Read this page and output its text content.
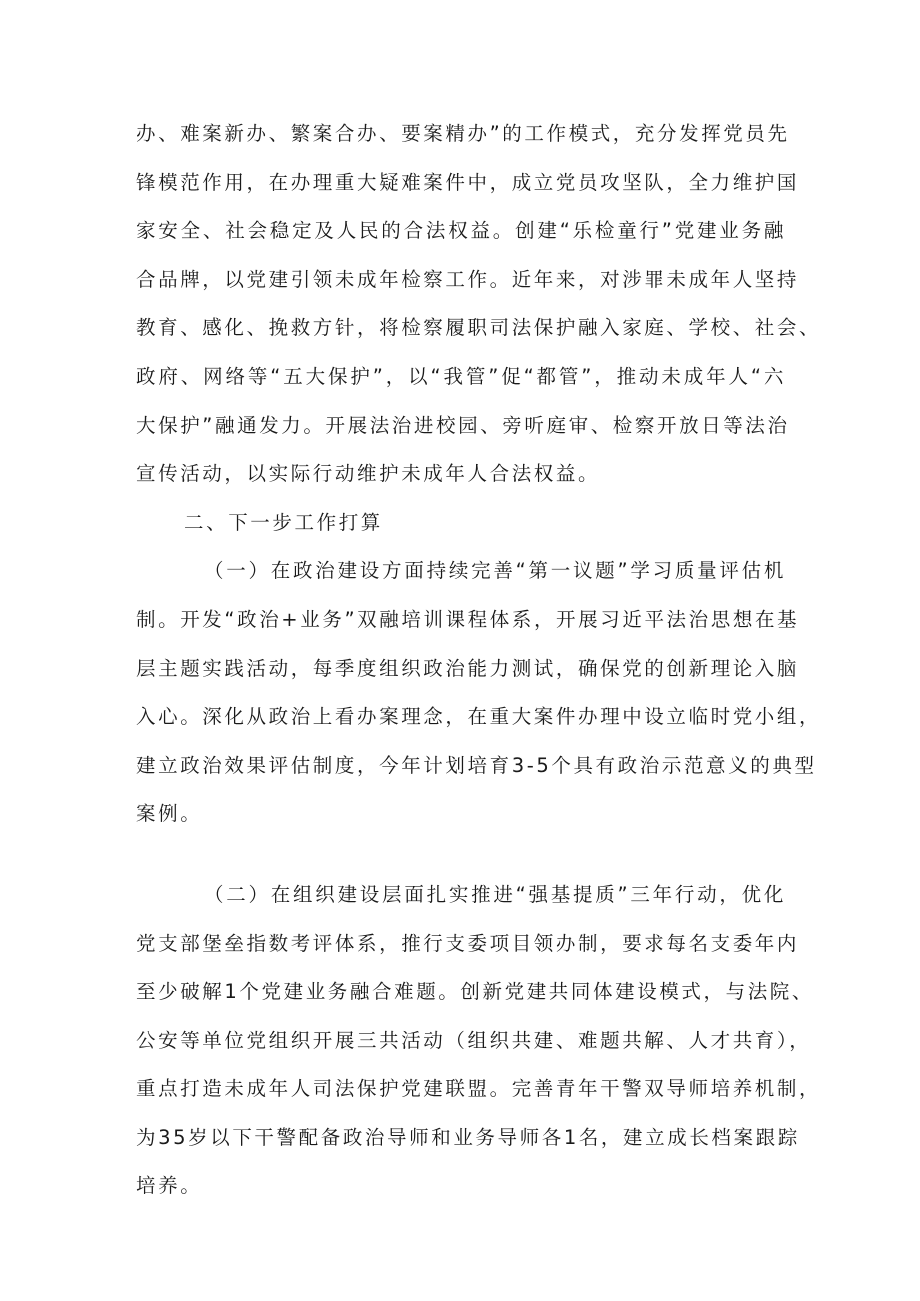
办、难案新办、繁案合办、要案精办”的工作模式，充分发挥党员先
锋模范作用，在办理重大疑难案件中，成立党员攻坚队，全力维护国
家安全、社会稳定及人民的合法权益。创建“乐检童行”党建业务融
合品牌，以党建引领未成年检察工作。近年来，对涉罪未成年人坚持
教育、感化、挽救方针，将检察履职司法保护融入家庭、学校、社会、
政府、网络等“五大保护”，以“我管”促“都管”，推动未成年人“六
大保护”融通发力。开展法治进校园、旁听庭审、检察开放日等法治
宣传活动，以实际行动维护未成年人合法权益。
二、下一步工作打算
（一）在政治建设方面持续完善“第一议题”学习质量评估机
制。开发“政治+业务”双融培训课程体系，开展习近平法治思想在基
层主题实践活动，每季度组织政治能力测试，确保党的创新理论入脑
入心。深化从政治上看办案理念，在重大案件办理中设立临时党小组，
建立政治效果评估制度，今年计划培育3-5个具有政治示范意义的典型
案例。
（二）在组织建设层面扎实推进“强基提质”三年行动，优化
党支部堡垒指数考评体系，推行支委项目领办制，要求每名支委年内
至少破解1个党建业务融合难题。创新党建共同体建设模式，与法院、
公安等单位党组织开展三共活动（组织共建、难题共解、人才共育），
重点打造未成年人司法保护党建联盟。完善青年干警双导师培养机制，
为35岁以下干警配备政治导师和业务导师各1名，建立成长档案跟踪
培养。
